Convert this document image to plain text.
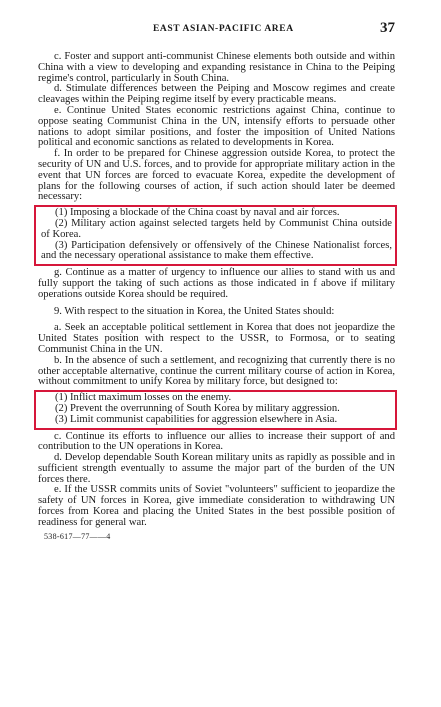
EAST ASIAN-PACIFIC AREA	37

c. Foster and support anti-communist Chinese elements both outside and within China with a view to developing and expanding resistance in China to the Peiping regime's control, particularly in South China.

d. Stimulate differences between the Peiping and Moscow regimes and create cleavages within the Peiping regime itself by every practicable means.

e. Continue United States economic restrictions against China, continue to oppose seating Communist China in the UN, intensify efforts to persuade other nations to adopt similar positions, and foster the imposition of United Nations political and economic sanctions as related to developments in Korea.

f. In order to be prepared for Chinese aggression outside Korea, to protect the security of UN and U.S. forces, and to provide for appropriate military action in the event that UN forces are forced to evacuate Korea, expedite the development of plans for the following courses of action, if such action should later be deemed necessary:

(1) Imposing a blockade of the China coast by naval and air forces.

(2) Military action against selected targets held by Communist China outside of Korea.

(3) Participation defensively or offensively of the Chinese Nationalist forces, and the necessary operational assistance to make them effective.

g. Continue as a matter of urgency to influence our allies to stand with us and fully support the taking of such actions as those indicated in f above if military operations outside Korea should be required.

9. With respect to the situation in Korea, the United States should:

a. Seek an acceptable political settlement in Korea that does not jeopardize the United States position with respect to the USSR, to Formosa, or to seating Communist China in the UN.

b. In the absence of such a settlement, and recognizing that currently there is no other acceptable alternative, continue the current military course of action in Korea, without commitment to unify Korea by military force, but designed to:

(1) Inflict maximum losses on the enemy.

(2) Prevent the overrunning of South Korea by military aggression.

(3) Limit communist capabilities for aggression elsewhere in Asia.

c. Continue its efforts to influence our allies to increase their support of and contribution to the UN operations in Korea.

d. Develop dependable South Korean military units as rapidly as possible and in sufficient strength eventually to assume the major part of the burden of the UN forces there.

e. If the USSR commits units of Soviet "volunteers" sufficient to jeopardize the safety of UN forces in Korea, give immediate consideration to withdrawing UN forces from Korea and placing the United States in the best possible position of readiness for general war.

538-617—77——4
